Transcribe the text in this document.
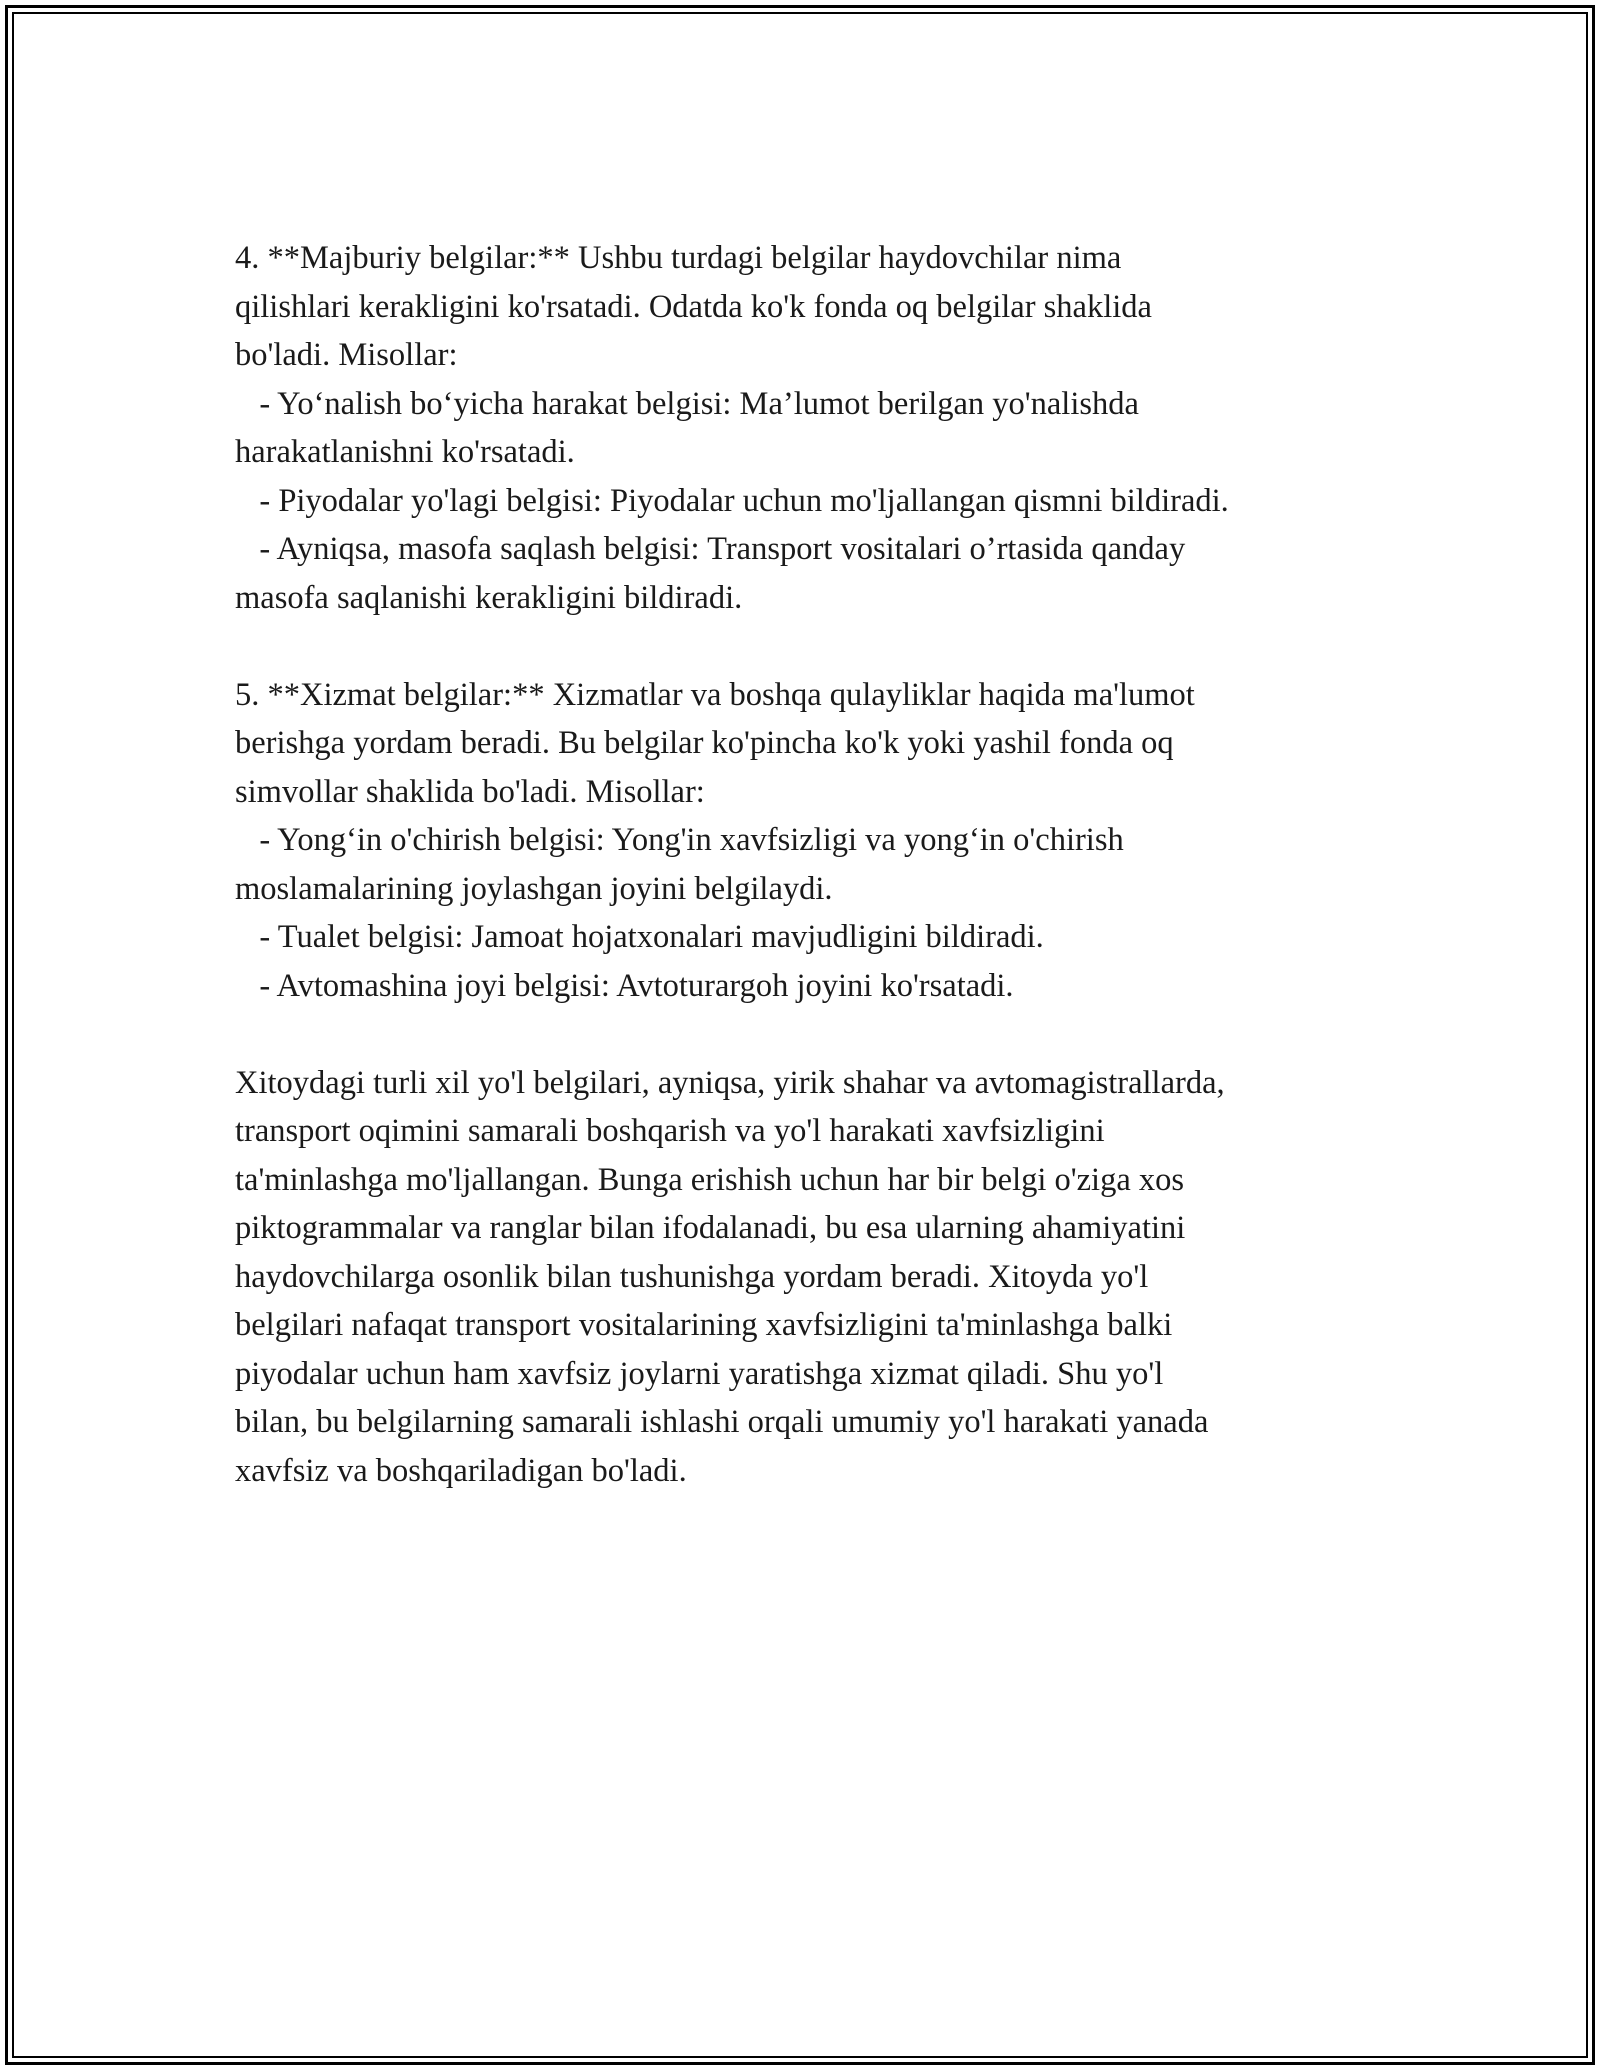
4. **Majburiy belgilar:** Ushbu turdagi belgilar haydovchilar nima
qilishlari kerakligini ko'rsatadi. Odatda ko'k fonda oq belgilar shaklida
bo'ladi. Misollar:
- Yo‘nalish bo‘yicha harakat belgisi: Ma’lumot berilgan yo'nalishda
harakatlanishni ko'rsatadi.
- Piyodalar yo'lagi belgisi: Piyodalar uchun mo'ljallangan qismni bildiradi.
- Ayniqsa, masofa saqlash belgisi: Transport vositalari o’rtasida qanday
masofa saqlanishi kerakligini bildiradi.
5. **Xizmat belgilar:** Xizmatlar va boshqa qulayliklar haqida ma'lumot
berishga yordam beradi. Bu belgilar ko'pincha ko'k yoki yashil fonda oq
simvollar shaklida bo'ladi. Misollar:
- Yong‘in o'chirish belgisi: Yong'in xavfsizligi va yong‘in o'chirish
moslamalarining joylashgan joyini belgilaydi.
- Tualet belgisi: Jamoat hojatxonalari mavjudligini bildiradi.
- Avtomashina joyi belgisi: Avtoturargoh joyini ko'rsatadi.
Xitoydagi turli xil yo'l belgilari, ayniqsa, yirik shahar va avtomagistrallarda,
transport oqimini samarali boshqarish va yo'l harakati xavfsizligini
ta'minlashga mo'ljallangan. Bunga erishish uchun har bir belgi o'ziga xos
piktogrammalar va ranglar bilan ifodalanadi, bu esa ularning ahamiyatini
haydovchilarga osonlik bilan tushunishga yordam beradi. Xitoyda yo'l
belgilari nafaqat transport vositalarining xavfsizligini ta'minlashga balki
piyodalar uchun ham xavfsiz joylarni yaratishga xizmat qiladi. Shu yo'l
bilan, bu belgilarning samarali ishlashi orqali umumiy yo'l harakati yanada
xavfsiz va boshqariladigan bo'ladi.
